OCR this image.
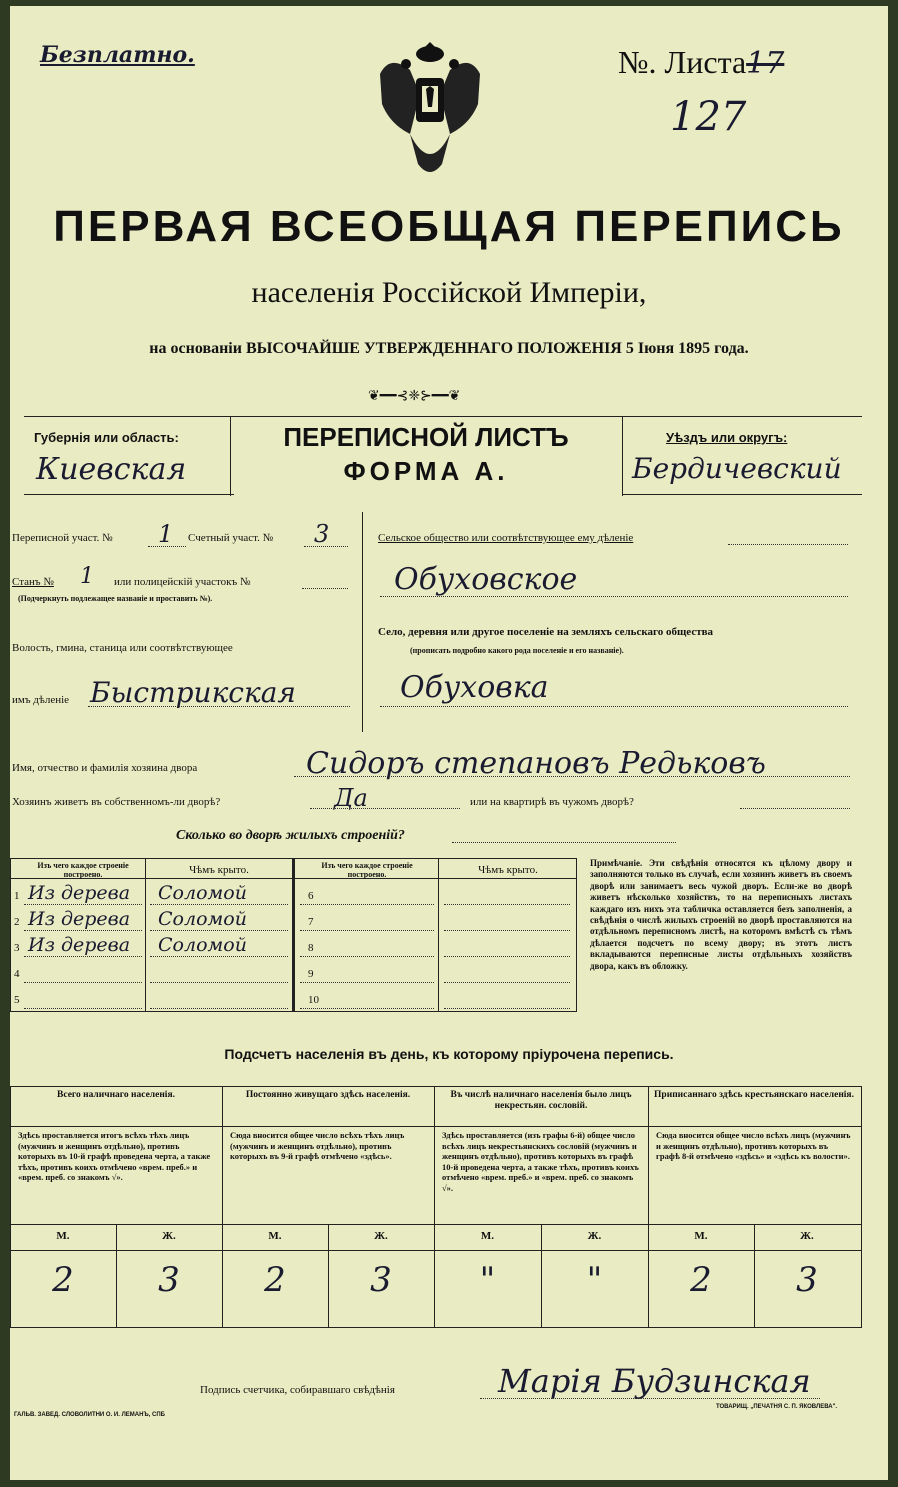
Безплатно.	№. Листа17
127
ПЕРВАЯ ВСЕОБЩАЯ ПЕРЕПИСЬ
населенія Россійской Имперіи,
на основаніи ВЫСОЧАЙШЕ УТВЕРЖДЕННАГО ПОЛОЖЕНІЯ 5 Іюня 1895 года.
❦━━⊰❈⊱━━❦
Губернія или область:
Киевская
ПЕРЕПИСНОЙ ЛИСТЪ
ФОРМА А.
Уѣздъ или округъ:
Бердичевский
Переписной участ. № 1 Счетный участ. № 3
Станъ № 1 или полицейскій участокъ №
(Подчеркнуть подлежащее названіе и проставить №).
Волость, гмина, станица или соотвѣтствующее
имъ дѣленіе Быстрикская
Сельское общество или соотвѣтствующее ему дѣленіе
Обуховское
Село, деревня или другое поселеніе на земляхъ сельскаго общества
(прописать подробно какого рода поселеніе и его названіе).
Обуховка
Имя, отчество и фамилія хозяина двора	Сидоръ степановъ Редьковъ
Хозяинъ живетъ въ собственномъ-ли дворѣ?	Да	или на квартирѣ въ чужомъ дворѣ?
Сколько во дворѣ жилыхъ строеній?
Изъ чего каждое строеніе построено.	Чѣмъ крыто.	Изъ чего каждое строеніе построено.	Чѣмъ крыто.
1 Из дерева Соломой
2 Из дерева Соломой
3 Из дерева Соломой
4
5
6
7
8
9
10
Примѣчаніе. Эти свѣдѣнія относятся къ цѣлому двору и заполняются только въ случаѣ, если хозяинъ живетъ въ своемъ дворѣ или занимаетъ весь чужой дворъ. Если-же во дворѣ живетъ нѣсколько хозяйствъ, то на переписныхъ листахъ каждаго изъ нихъ эта табличка оставляется безъ заполненія, а свѣдѣнія о числѣ жилыхъ строеній во дворѣ проставляются на отдѣльномъ переписномъ листѣ, на которомъ вмѣстѣ съ тѣмъ дѣлается подсчетъ по всему двору; въ этотъ листъ вкладываются переписные листы отдѣльныхъ хозяйствъ двора, какъ въ обложку.
Подсчетъ населенія въ день, къ которому пріурочена перепись.
Всего наличнаго населенія.
Здѣсь проставляется итогъ всѣхъ тѣхъ лицъ (мужчинъ и женщинъ отдѣльно), противъ которыхъ въ 10-й графѣ проведена черта, а также тѣхъ, противъ коихъ отмѣчено «врем. преб.» и «врем. преб. со знакомъ √».
М.	Ж.
2	3
Постоянно живущаго здѣсь населенія.
Сюда вносится общее число всѣхъ тѣхъ лицъ (мужчинъ и женщинъ отдѣльно), противъ которыхъ въ 9-й графѣ отмѣчено «здѣсь».
М.	Ж.
2	3
Въ числѣ наличнаго населенія было лицъ некрестьян. сословій.
Здѣсь проставляется (изъ графы 6-й) общее число всѣхъ лицъ некрестьянскихъ сословій (мужчинъ и женщинъ отдѣльно), противъ которыхъ въ графѣ 10-й проведена черта, а также тѣхъ, противъ коихъ отмѣчено «врем. преб.» и «врем. преб. со знакомъ √».
М.	Ж.
"	"
Приписаннаго здѣсь крестьянскаго населенія.
Сюда вносится общее число всѣхъ лицъ (мужчинъ и женщинъ отдѣльно), противъ которыхъ въ графѣ 8-й отмѣчено «здѣсь» и «здѣсь къ волости».
М.	Ж.
2	3
Подпись счетчика, собиравшаго свѣдѣнія	Марія Будзинская
ГАЛЬВ. ЗАВЕД. СЛОВОЛИТНИ О. И. ЛЕМАНЪ, СПБ
ТОВАРИЩ. „ПЕЧАТНЯ С. П. ЯКОВЛЕВА".
